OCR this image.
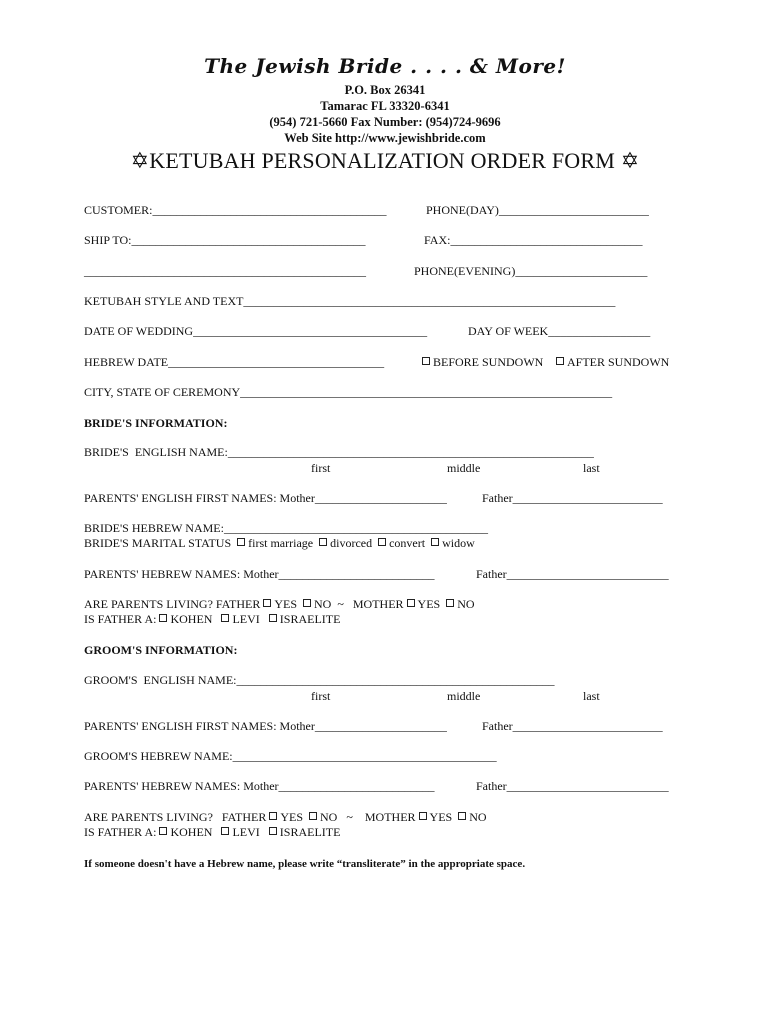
The Jewish Bride . . . . & More!
P.O. Box 26341
Tamarac FL 33320-6341
(954) 721-5660 Fax Number: (954)724-9696
Web Site http://www.jewishbride.com
✡KETUBAH PERSONALIZATION ORDER FORM ✡
CUSTOMER:_______________________________________	PHONE(DAY)_________________________
SHIP TO:_______________________________________	FAX:________________________________
_______________________________________________	PHONE(EVENING)______________________
KETUBAH STYLE AND TEXT______________________________________________________________
DATE OF WEDDING_______________________________________	DAY OF WEEK_________________
HEBREW DATE____________________________________	BEFORE SUNDOWN	AFTER SUNDOWN
CITY, STATE OF CEREMONY______________________________________________________________
BRIDE'S INFORMATION:
BRIDE'S  ENGLISH NAME:_____________________________________________________________
first	middle	last
PARENTS' ENGLISH FIRST NAMES: Mother______________________	Father_________________________
BRIDE'S HEBREW NAME:____________________________________________
BRIDE'S MARITAL STATUS first marriage divorced convert widow
PARENTS' HEBREW NAMES: Mother__________________________	Father___________________________
ARE PARENTS LIVING? FATHER YES NO ~ MOTHER YES NO
IS FATHER A: KOHEN LEVI ISRAELITE
GROOM'S INFORMATION:
GROOM'S  ENGLISH NAME:_____________________________________________________
first	middle	last
PARENTS' ENGLISH FIRST NAMES: Mother______________________	Father_________________________
GROOM'S HEBREW NAME:____________________________________________
PARENTS' HEBREW NAMES: Mother__________________________	Father___________________________
ARE PARENTS LIVING?   FATHER YES NO ~ MOTHER YES NO
IS FATHER A: KOHEN LEVI ISRAELITE
If someone doesn't have a Hebrew name, please write “transliterate” in the appropriate space.
